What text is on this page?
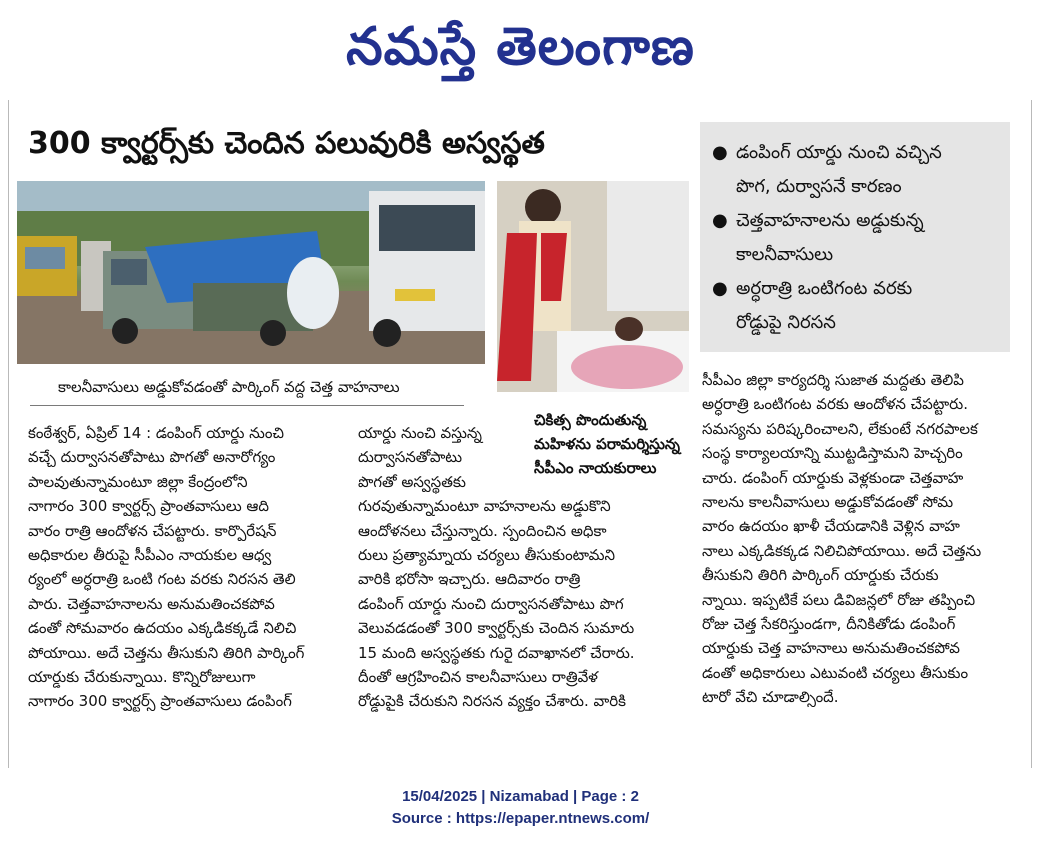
నమస్తే తెలంగాణ
300 క్వార్టర్స్‌కు చెందిన పలువురికి అస్వస్థత
కాలనీవాసులు అడ్డుకోవడంతో పార్కింగ్ వద్ద చెత్త వాహనాలు
చికిత్స పొందుతున్న
మహిళను పరామర్శిస్తున్న
సీపీఎం నాయకురాలు
● డంపింగ్ యార్డు నుంచి వచ్చిన
పొగ, దుర్వాసనే కారణం
● చెత్తవాహనాలను అడ్డుకున్న
కాలనీవాసులు
● అర్ధరాత్రి ఒంటిగంట వరకు
రోడ్డుపై నిరసన
కంఠేశ్వర్, ఏప్రిల్ 14 : డంపింగ్ యార్డు నుంచి
వచ్చే దుర్వాసనతోపాటు పొగతో అనారోగ్యం
పాలవుతున్నామంటూ జిల్లా కేంద్రంలోని
నాగారం 300 క్వార్టర్స్ ప్రాంతవాసులు ఆది
వారం రాత్రి ఆందోళన చేపట్టారు. కార్పొరేషన్
అధికారుల తీరుపై సీపీఎం నాయకుల ఆధ్వ
ర్యంలో అర్ధరాత్రి ఒంటి గంట వరకు నిరసన తెలి
పారు. చెత్తవాహనాలను అనుమతించకపోవ
డంతో సోమవారం ఉదయం ఎక్కడికక్కడే నిలిచి
పోయాయి. అదే చెత్తను తీసుకుని తిరిగి పార్కింగ్
యార్డుకు చేరుకున్నాయి. కొన్నిరోజులుగా
నాగారం 300 క్వార్టర్స్ ప్రాంతవాసులు డంపింగ్
యార్డు నుంచి వస్తున్న
దుర్వాసనతోపాటు
పొగతో అస్వస్థతకు
గురవుతున్నామంటూ వాహనాలను అడ్డుకొని
ఆందోళనలు చేస్తున్నారు. స్పందించిన అధికా
రులు ప్రత్యామ్నాయ చర్యలు తీసుకుంటామని
వారికి భరోసా ఇచ్చారు. ఆదివారం రాత్రి
డంపింగ్ యార్డు నుంచి దుర్వాసనతోపాటు పొగ
వెలువడడంతో 300 క్వార్టర్స్‌కు చెందిన సుమారు
15 మంది అస్వస్థతకు గురై దవాఖానలో చేరారు.
దీంతో ఆగ్రహించిన కాలనీవాసులు రాత్రివేళ
రోడ్డుపైకి చేరుకుని నిరసన వ్యక్తం చేశారు. వారికి
సీపీఎం జిల్లా కార్యదర్శి సుజాత మద్దతు తెలిపి
అర్ధరాత్రి ఒంటిగంట వరకు ఆందోళన చేపట్టారు.
సమస్యను పరిష్కరించాలని, లేకుంటే నగరపాలక
సంస్థ కార్యాలయాన్ని ముట్టడిస్తామని హెచ్చరిం
చారు. డంపింగ్ యార్డుకు వెళ్లకుండా చెత్తవాహ
నాలను కాలనీవాసులు అడ్డుకోవడంతో సోమ
వారం ఉదయం ఖాళీ చేయడానికి వెళ్లిన వాహ
నాలు ఎక్కడికక్కడ నిలిచిపోయాయి. అదే చెత్తను
తీసుకుని తిరిగి పార్కింగ్ యార్డుకు చేరుకు
న్నాయి. ఇప్పటికే పలు డివిజన్లలో రోజు తప్పించి
రోజు చెత్త సేకరిస్తుండగా, దీనికితోడు డంపింగ్
యార్డుకు చెత్త వాహనాలు అనుమతించకపోవ
డంతో అధికారులు ఎటువంటి చర్యలు తీసుకుం
టారో వేచి చూడాల్సిందే.
15/04/2025 | Nizamabad | Page : 2
Source : https://epaper.ntnews.com/
